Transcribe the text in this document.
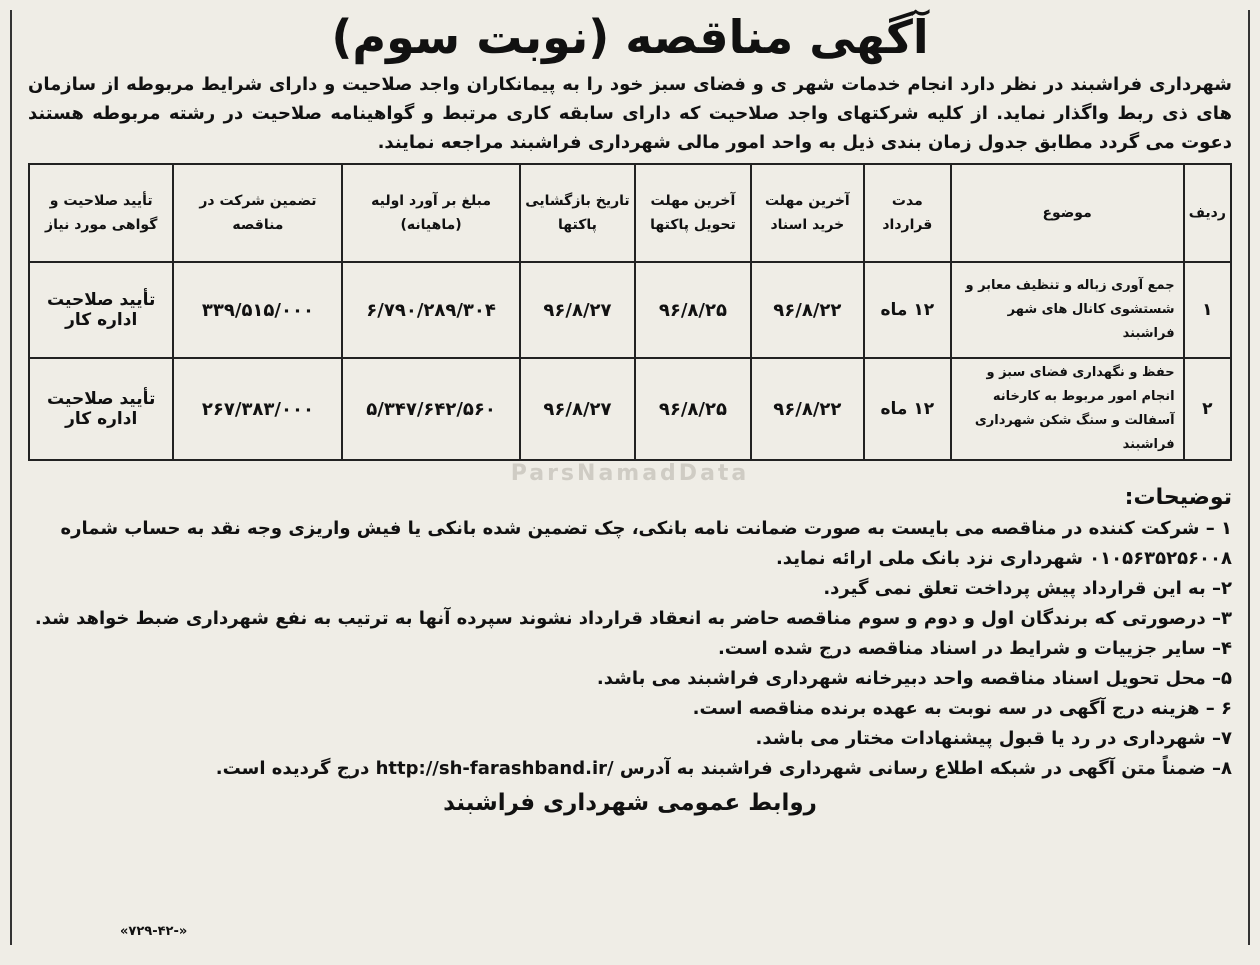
آگهی مناقصه (نوبت سوم)
شهرداری فراشبند در نظر دارد انجام خدمات شهر ی و فضای سبز خود را به پیمانکاران واجد صلاحیت و دارای شرایط مربوطه از سازمان های ذی ربط واگذار نماید. از کلیه شرکتهای واجد صلاحیت که دارای سابقه کاری مرتبط و گواهینامه صلاحیت در رشته مربوطه هستند دعوت می گردد مطابق جدول زمان بندی ذیل به واحد امور مالی شهرداری فراشبند مراجعه نمایند.
ردیف	موضوع	مدت قرارداد	آخرین مهلت خرید اسناد	آخرین مهلت تحویل پاکتها	تاریخ بازگشایی پاکتها	مبلغ بر آورد اولیه (ماهیانه)	تضمین شرکت در مناقصه	تأیید صلاحیت و گواهی مورد نیاز
۱	جمع آوری زباله و تنظیف معابر و شستشوی کانال های شهر فراشبند	۱۲ ماه	۹۶/۸/۲۲	۹۶/۸/۲۵	۹۶/۸/۲۷	۶/۷۹۰/۲۸۹/۳۰۴	۳۳۹/۵۱۵/۰۰۰	تأیید صلاحیت اداره کار
۲	حفظ و نگهداری فضای سبز و انجام امور مربوط به کارخانه آسفالت و سنگ شکن شهرداری فراشبند	۱۲ ماه	۹۶/۸/۲۲	۹۶/۸/۲۵	۹۶/۸/۲۷	۵/۳۴۷/۶۴۲/۵۶۰	۲۶۷/۳۸۳/۰۰۰	تأیید صلاحیت اداره کار
ParsNamadData
توضیحات:

۱ – شرکت کننده در مناقصه می بایست به صورت ضمانت نامه بانکی، چک تضمین شده بانکی یا فیش واریزی وجه نقد به حساب شماره ۰۱۰۵۶۳۵۲۵۶۰۰۸ شهرداری نزد بانک ملی ارائه نماید.

۲– به این قرارداد پیش پرداخت تعلق نمی گیرد.

۳– درصورتی که برندگان اول و دوم و سوم مناقصه حاضر به انعقاد قرارداد نشوند سپرده آنها به ترتیب به نفع شهرداری ضبط خواهد شد.

۴– سایر جزییات و شرایط در اسناد مناقصه درج شده است.

۵– محل تحویل اسناد مناقصه واحد دبیرخانه شهرداری فراشبند می باشد.

۶ – هزینه درج آگهی در سه نوبت به عهده برنده مناقصه است.

۷– شهرداری در رد یا قبول پیشنهادات مختار می باشد.

۸– ضمناً متن آگهی در شبکه اطلاع رسانی شهرداری فراشبند به آدرس http://sh-farashband.ir/ درج گردیده است.

روابط عمومی شهرداری فراشبند
«۷۲۹-۴۲-»
